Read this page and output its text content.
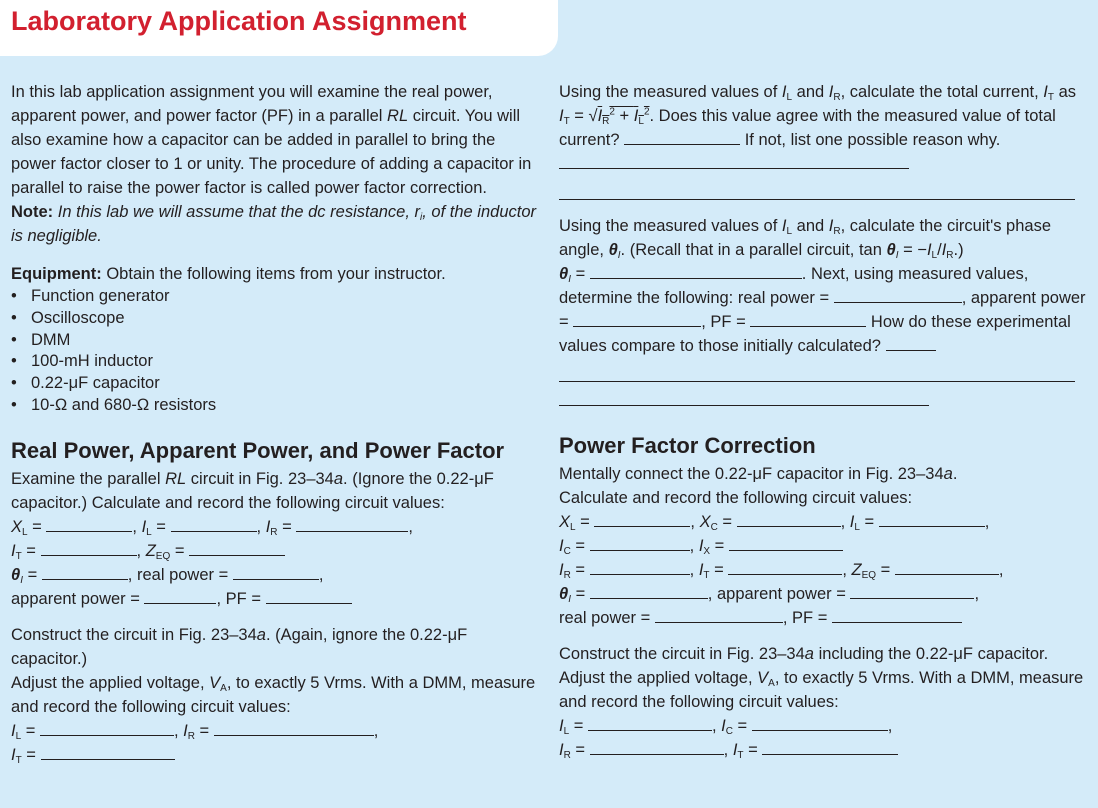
Laboratory Application Assignment

In this lab application assignment you will examine the real power, apparent power, and power factor (PF) in a parallel RL circuit. You will also examine how a capacitor can be added in parallel to bring the power factor closer to 1 or unity. The procedure of adding a capacitor in parallel to raise the power factor is called power factor correction.
Note: In this lab we will assume that the dc resistance, $r_i$, of the inductor is negligible.

Equipment: Obtain the following items from your instructor.

• Function generator
• Oscilloscope
• DMM
• 100-mH inductor
• 0.22-μF capacitor
• 10-Ω and 680-Ω resistors
Real Power, Apparent Power, and Power Factor

Examine the parallel RL circuit in Fig. 23–34a. (Ignore the 0.22-μF capacitor.) Calculate and record the following circuit values:

$X_L$ =	, $I_L$ =	, $I_R$ =	,
$I_T$ =	, $Z_{EQ}$ =
$\theta_I$ =	, real power =	,
apparent power =	, PF =

Construct the circuit in Fig. 23–34a. (Again, ignore the 0.22-μF capacitor.)
Adjust the applied voltage, $V_A$, to exactly 5 Vrms. With a DMM, measure and record the following circuit values:

$I_L$ =	, $I_R$ =	,
$I_T$ =

Using the measured values of $I_L$ and $I_R$, calculate the total current, $I_T$ as $I_T = √I_R^2 + I_L^2$. Does this value agree with the measured value of total current?	If not, list one possible reason why.

Using the measured values of $I_L$ and $I_R$, calculate the circuit's phase angle, $\theta_I$. (Recall that in a parallel circuit, $\tan \theta_I = -I_L/I_R$.)
$\theta_I$ =	. Next, using measured values, determine the following: real power =	, apparent power =	, PF =	How do these experimental values compare to those initially calculated?

Power Factor Correction

Mentally connect the 0.22-μF capacitor in Fig. 23–34a.
Calculate and record the following circuit values:

$X_L$ =	, $X_C$ =	, $I_L$ =	,
$I_C$ =	, $I_X$ =
$I_R$ =	, $I_T$ =	, $Z_{EQ}$ =	,
$\theta_I$ =	, apparent power =	,
real power =	, PF =

Construct the circuit in Fig. 23–34a including the 0.22-μF capacitor. Adjust the applied voltage, $V_A$, to exactly 5 Vrms. With a DMM, measure and record the following circuit values:

$I_L$ =	, $I_C$ =	,
$I_R$ =	, $I_T$ =
